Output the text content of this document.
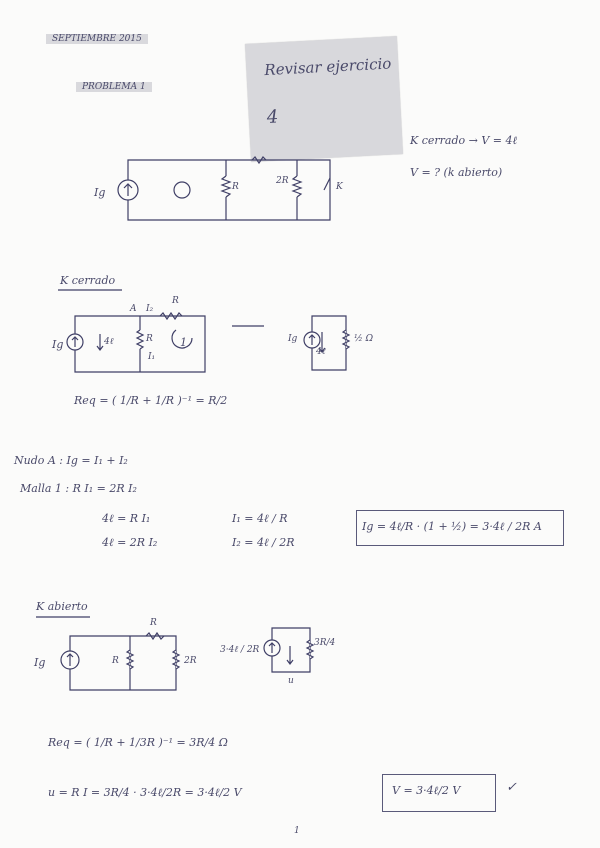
SEPTIEMBRE 2015
PROBLEMA 1
Revisar ejercicio
4
K cerrado → V = 4ℓ
V = ? (k abierto)
Ig	R
2R
K
K cerrado
A I₂
R
R
I₁
1
Ig	4ℓ	Ig
4ℓ
½ Ω
Req = ( 1/R + 1/R )⁻¹ = R/2
Nudo A : Ig = I₁ + I₂
Malla 1 : R I₁ = 2R I₂
4ℓ = R I₁
4ℓ = 2R I₂
I₁ = 4ℓ / R
I₂ = 4ℓ / 2R
Ig = 4ℓ/R · (1 + ½) = 3·4ℓ / 2R A
K abierto
Ig
R
R	2R
3·4ℓ / 2R
3R/4
u
Req = ( 1/R + 1/3R )⁻¹ = 3R/4 Ω
u = R I = 3R/4 · 3·4ℓ/2R = 3·4ℓ/2 V	V = 3·4ℓ/2 V	✓
1
